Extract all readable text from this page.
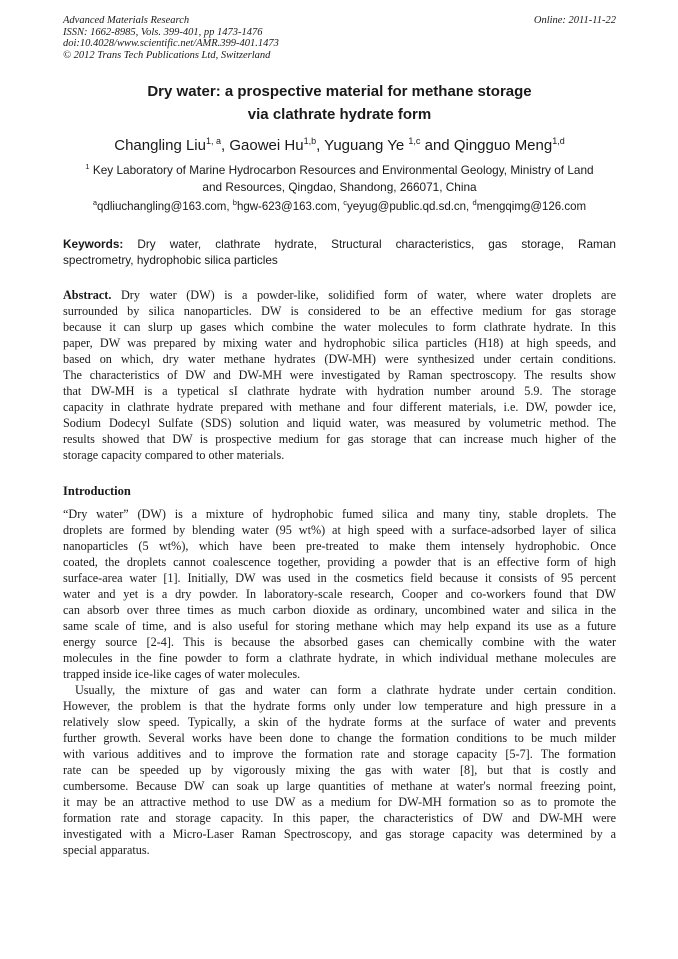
Advanced Materials Research
ISSN: 1662-8985, Vols. 399-401, pp 1473-1476
doi:10.4028/www.scientific.net/AMR.399-401.1473
© 2012 Trans Tech Publications Ltd, Switzerland
Online: 2011-11-22
Dry water: a prospective material for methane storage
via clathrate hydrate form
Changling Liu$^{1, a}$, Gaowei Hu$^{1,b}$, Yuguang Ye $^{1,c}$ and Qingguo Meng$^{1,d}$
$^1$ Key Laboratory of Marine Hydrocarbon Resources and Environmental Geology, Ministry of Land
and Resources, Qingdao, Shandong, 266071, China
$^a$qdliuchangling@163.com, $^b$hgw-623@163.com, $^c$yeyug@public.qd.sd.cn, $^d$mengqimg@126.com
Keywords: Dry water, clathrate hydrate, Structural characteristics, gas storage, Raman
spectrometry, hydrophobic silica particles
Abstract. Dry water (DW) is a powder-like, solidified form of water, where water droplets are
surrounded by silica nanoparticles. DW is considered to be an effective medium for gas storage
because it can slurp up gases which combine the water molecules to form clathrate hydrate. In this
paper, DW was prepared by mixing water and hydrophobic silica particles (H18) at high speeds, and
based on which, dry water methane hydrates (DW-MH) were synthesized under certain conditions.
The characteristics of DW and DW-MH were investigated by Raman spectroscopy. The results show
that DW-MH is a typetical sI clathrate hydrate with hydration number around 5.9. The storage
capacity in clathrate hydrate prepared with methane and four different materials, i.e. DW, powder ice,
Sodium Dodecyl Sulfate (SDS) solution and liquid water, was measured by volumetric method. The
results showed that DW is prospective medium for gas storage that can increase much higher of the
storage capacity compared to other materials.
Introduction
“Dry water” (DW) is a mixture of hydrophobic fumed silica and many tiny, stable droplets. The
droplets are formed by blending water (95 wt%) at high speed with a surface-adsorbed layer of silica
nanoparticles (5 wt%), which have been pre-treated to make them intensely hydrophobic. Once
coated, the droplets cannot coalescence together, providing a powder that is an effective form of high
surface-area water [1]. Initially, DW was used in the cosmetics field because it consists of 95 percent
water and yet is a dry powder. In laboratory-scale research, Cooper and co-workers found that DW
can absorb over three times as much carbon dioxide as ordinary, uncombined water and silica in the
same scale of time, and is also useful for storing methane which may help expand its use as a future
energy source [2-4]. This is because the absorbed gases can chemically combine with the water
molecules in the fine powder to form a clathrate hydrate, in which individual methane molecules are
trapped inside ice-like cages of water molecules.
Usually, the mixture of gas and water can form a clathrate hydrate under certain condition.
However, the problem is that the hydrate forms only under low temperature and high pressure in a
relatively slow speed. Typically, a skin of the hydrate forms at the surface of water and prevents
further growth. Several works have been done to change the formation conditions to be much milder
with various additives and to improve the formation rate and storage capacity [5-7]. The formation
rate can be speeded up by vigorously mixing the gas with water [8], but that is costly and
cumbersome. Because DW can soak up large quantities of methane at water's normal freezing point,
it may be an attractive method to use DW as a medium for DW-MH formation so as to promote the
formation rate and storage capacity. In this paper, the characteristics of DW and DW-MH were
investigated with a Micro-Laser Raman Spectroscopy, and gas storage capacity was determined by a
special apparatus.
